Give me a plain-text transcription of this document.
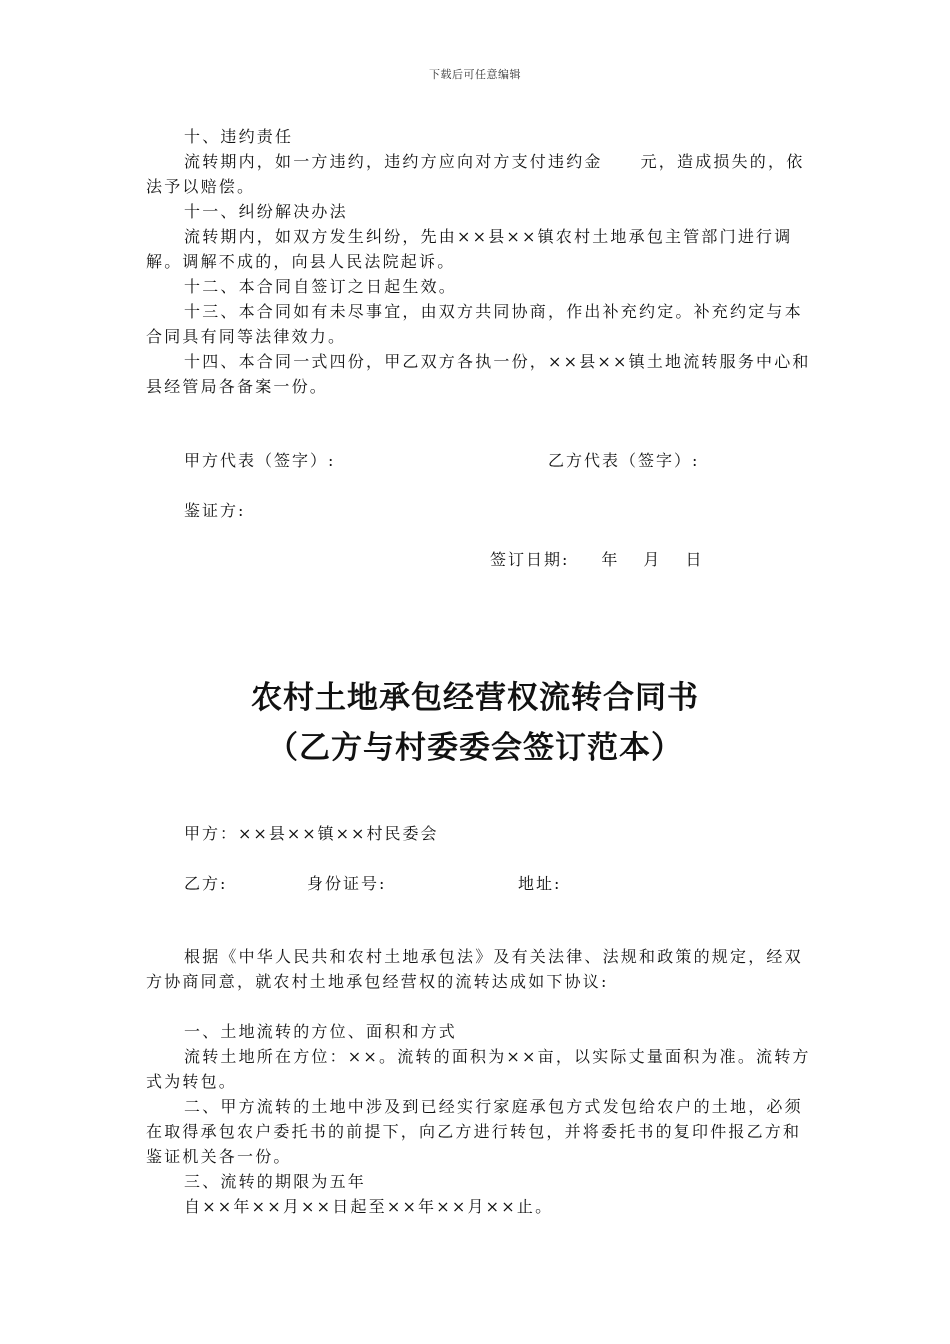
下载后可任意编辑

十、违约责任

流转期内，如一方违约，违约方应向对方支付违约金 元，造成损失的，依法予以赔偿。

十一、纠纷解决办法

流转期内，如双方发生纠纷，先由××县××镇农村土地承包主管部门进行调解。调解不成的，向县人民法院起诉。

十二、本合同自签订之日起生效。

十三、本合同如有未尽事宜，由双方共同协商，作出补充约定。补充约定与本合同具有同等法律效力。

十四、本合同一式四份，甲乙双方各执一份，××县××镇土地流转服务中心和县经管局各备案一份。

甲方代表（签字）:	乙方代表（签字）:
鉴证方:
签订日期: 年 月 日
农村土地承包经营权流转合同书
（乙方与村委委会签订范本）
甲方：××县××镇××村民委会
乙方:	身份证号:	地址:

根据《中华人民共和农村土地承包法》及有关法律、法规和政策的规定，经双方协商同意，就农村土地承包经营权的流转达成如下协议:

一、土地流转的方位、面积和方式

流转土地所在方位：××。流转的面积为××亩，以实际丈量面积为准。流转方式为转包。

二、甲方流转的土地中涉及到已经实行家庭承包方式发包给农户的土地，必须在取得承包农户委托书的前提下，向乙方进行转包，并将委托书的复印件报乙方和鉴证机关各一份。

三、流转的期限为五年

自××年××月××日起至××年××月××止。
